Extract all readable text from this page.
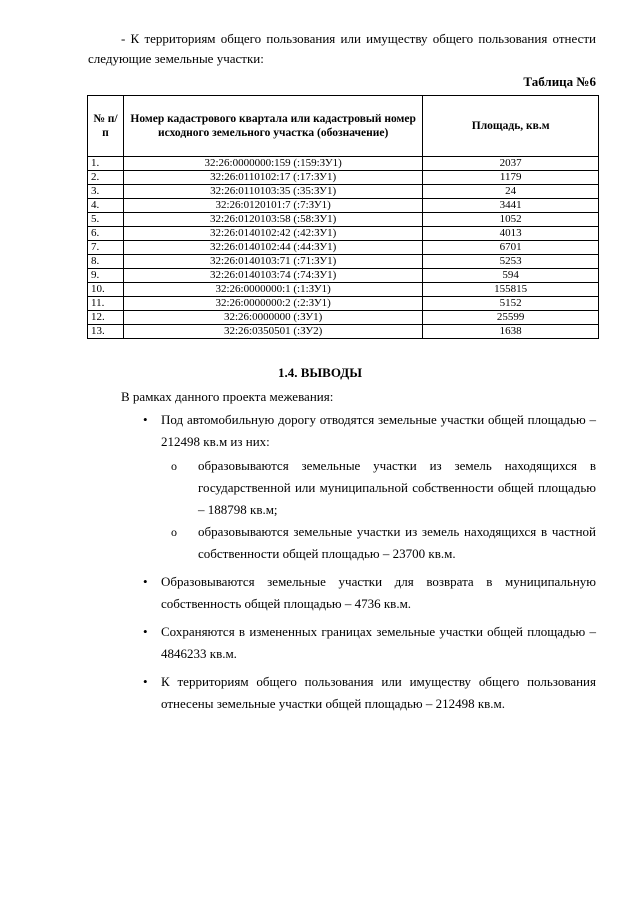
- К территориям общего пользования или имуществу общего пользования отнести
следующие земельные участки:
Таблица №6
№ п/п	Номер кадастрового квартала или кадастровый номер исходного земельного участка (обозначение)	Площадь, кв.м
1.	32:26:0000000:159 (:159:ЗУ1)	2037
2.	32:26:0110102:17 (:17:ЗУ1)	1179
3.	32:26:0110103:35 (:35:ЗУ1)	24
4.	32:26:0120101:7 (:7:ЗУ1)	3441
5.	32:26:0120103:58 (:58:ЗУ1)	1052
6.	32:26:0140102:42 (:42:ЗУ1)	4013
7.	32:26:0140102:44 (:44:ЗУ1)	6701
8.	32:26:0140103:71 (:71:ЗУ1)	5253
9.	32:26:0140103:74 (:74:ЗУ1)	594
10.	32:26:0000000:1 (:1:ЗУ1)	155815
11.	32:26:0000000:2 (:2:ЗУ1)	5152
12.	32:26:0000000 (:ЗУ1)	25599
13.	32:26:0350501 (:ЗУ2)	1638
1.4. ВЫВОДЫ
В рамках данного проекта межевания:
• Под автомобильную дорогу отводятся земельные участки общей площадью –
212498 кв.м из них:
o образовываются земельные участки из земель находящихся в
государственной или муниципальной собственности общей площадью
– 188798 кв.м;
o образовываются земельные участки из земель находящихся в частной
собственности общей площадью – 23700 кв.м.
• Образовываются земельные участки для возврата в муниципальную
собственность общей площадью – 4736 кв.м.
• Сохраняются в измененных границах земельные участки общей площадью –
4846233 кв.м.
• К территориям общего пользования или имуществу общего пользования
отнесены земельные участки общей площадью – 212498 кв.м.
